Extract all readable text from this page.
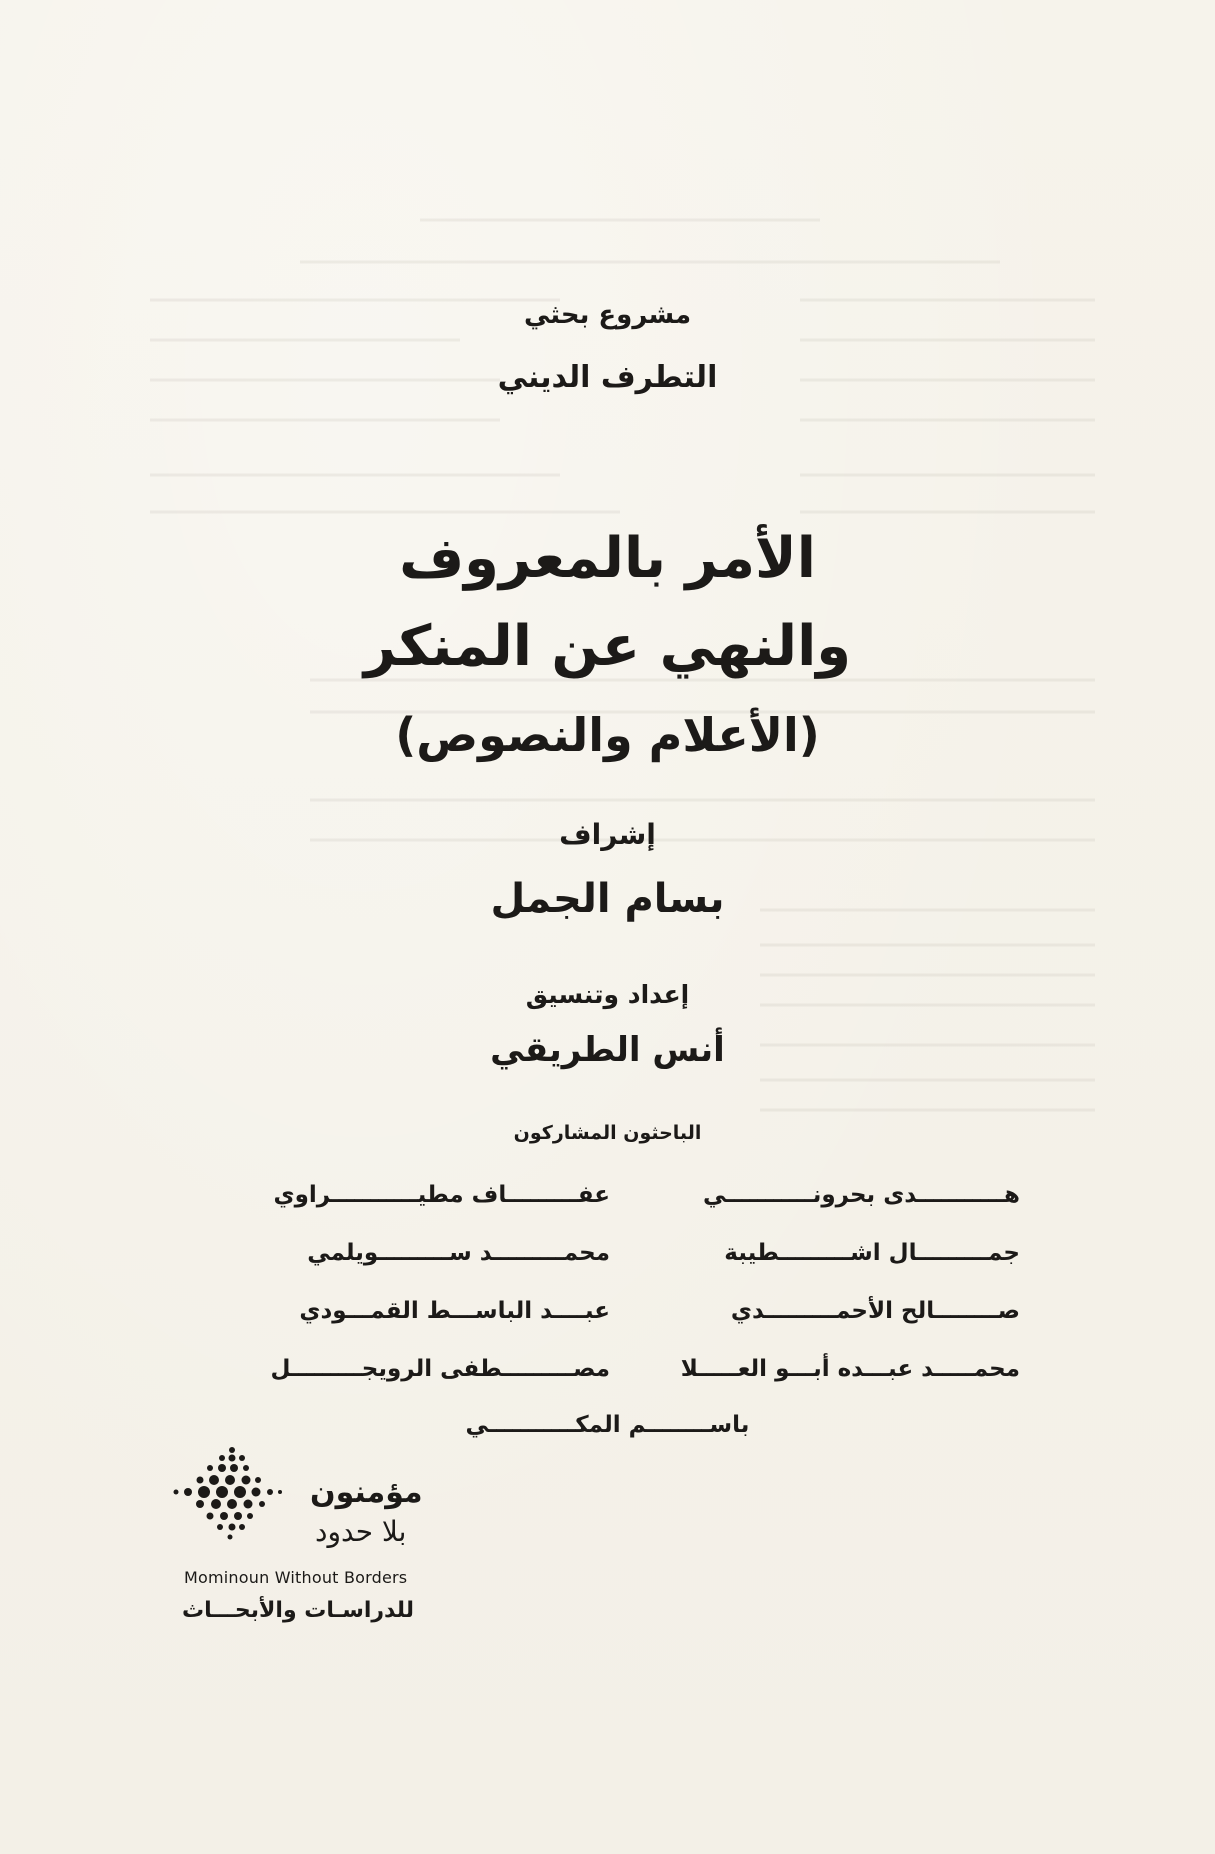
مشروع بحثي
التطرف الديني
الأمر بالمعروف
والنهي عن المنكر
(الأعلام والنصوص)
إشراف
بسام الجمل
إعداد وتنسيق
أنس الطريقي
الباحثون المشاركون
هـــــــــــدى بحرونـــــــــــي
جمـــــــــال اشـــــــــطيبة
صــــــــالح الأحمـــــــــدي
محمـــــد عبـــده أبـــو العـــــلا
عفـــــــــاف مطيـــــــــــراوي
محمـــــــــد ســـــــــويلمي
عبــــد الباســـط القمـــودي
مصـــــــــطفى الرويجـــــــــل
باســــــــم المكـــــــــــي
مؤمنون
بلا حدود
Mominoun Without Borders
للدراسـات والأبحـــاث
